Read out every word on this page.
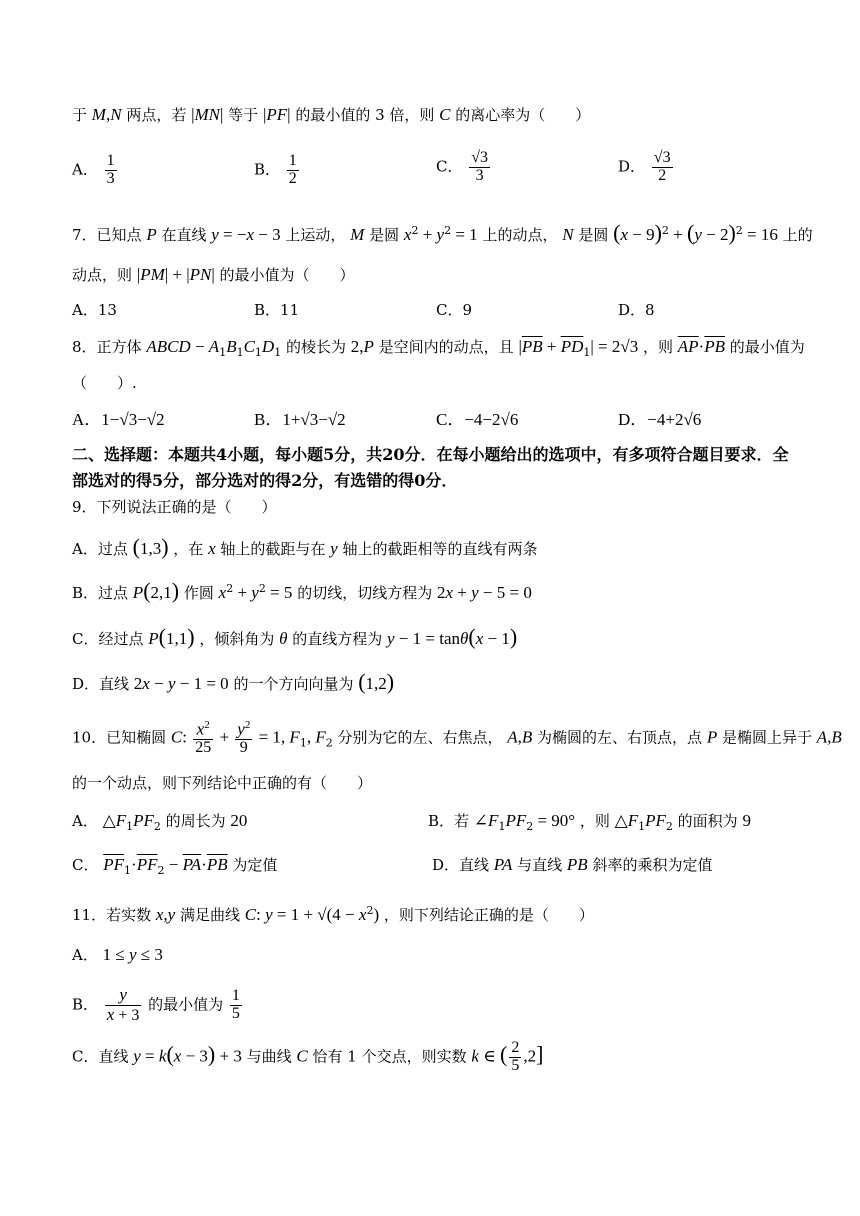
于 M,N 两点，若 |MN| 等于 |PF| 的最小值的 3 倍，则 C 的离心率为（　　）
A． $\frac{1}{3}$	B． $\frac{1}{2}$	C． $\frac{√3}{3}$	D． $\frac{√3}{2}$
7．已知点 P 在直线 y = −x − 3 上运动， M 是圆 $x^2 + y^2 = 1$ 上的动点， N 是圆 $(x - 9)^2 + (y - 2)^2 = 16$ 上的
动点，则 |PM| + |PN| 的最小值为（　　）
A．13	B．11	C．9	D．8
8．正方体 ABCD − $A_1B_1C_1D_1$ 的棱长为 2,P 是空间内的动点，且 $|\overline{PB} + \overline{PD}_1| = 2√3$ ，则 $\overline{AP}\cdot\overline{PB}$ 的最小值为
（　　）.
A．1−√3−√2	B．1+√3−√2	C．−4−2√6	D．−4+2√6
二、选择题：本题共4小题，每小题5分，共20分．在每小题给出的选项中，有多项符合题目要求．全部选对的得5分，部分选对的得2分，有选错的得0分．
9．下列说法正确的是（　　）
A．过点 (1,3) ，在 x 轴上的截距与在 y 轴上的截距相等的直线有两条
B．过点 P(2,1) 作圆 $x^2 + y^2 = 5$ 的切线，切线方程为 2x + y − 5 = 0
C．经过点 P(1,1) ，倾斜角为 θ 的直线方程为 y − 1 = tanθ(x − 1)
D．直线 2x − y − 1 = 0 的一个方向向量为 (1,2)
10．已知椭圆 C: $\frac{x^2}{25} + \frac{y^2}{9} = 1$, $F_1$, $F_2$ 分别为它的左、右焦点， A,B 为椭圆的左、右顶点，点 P 是椭圆上异于 A,B
的一个动点，则下列结论中正确的有（　　）
A． $\triangle F_1PF_2$ 的周长为 20	B．若 $\angle F_1PF_2 = 90^\circ$ ，则 $\triangle F_1PF_2$ 的面积为 9
C． $\overline{PF}_1\cdot\overline{PF}_2 - \overline{PA}\cdot\overline{PB}$ 为定值	D．直线 PA 与直线 PB 斜率的乘积为定值
11．若实数 x,y 满足曲线 C: $y = 1 + √(4 - x^2)$ ，则下列结论正确的是（　　）
A． 1 ≤ y ≤ 3
B． $\frac{y}{x + 3}$ 的最小值为 $\frac{1}{5}$
C．直线 y = k(x − 3) + 3 与曲线 C 恰有 1 个交点，则实数 k ∈ ( $\frac{2}{5} ,2$]
